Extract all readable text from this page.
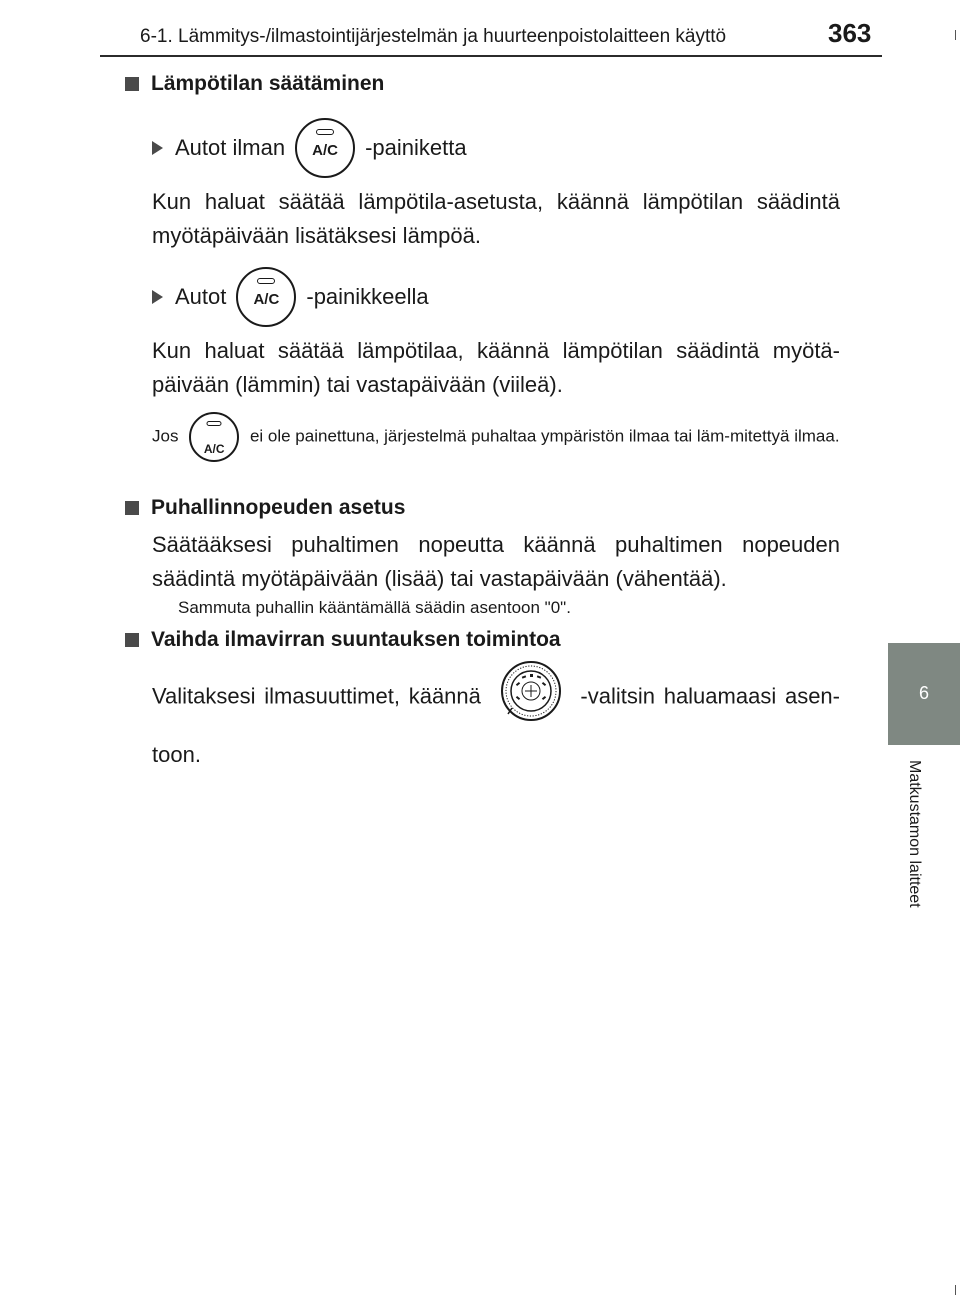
6-1. Lämmitys-/ilmastointijärjestelmän ja huurteenpoistolaitteen käyttö	363
6
Matkustamon laitteet
Lämpötilan säätäminen
Autot ilman	A/C	-painiketta
Kun haluat säätää lämpötila-asetusta, käännä lämpötilan säädintä myötäpäivään lisätäksesi lämpöä.
Autot	A/C	-painikkeella
Kun haluat säätää lämpötilaa, käännä lämpötilan säädintä myötä-päivään (lämmin) tai vastapäivään (viileä).
Jos
A/C
ei ole painettuna, järjestelmä puhaltaa ympäristön ilmaa tai läm-mitettyä ilmaa.
Puhallinnopeuden asetus
Säätääksesi puhaltimen nopeutta käännä puhaltimen nopeuden säädintä myötäpäivään (lisää) tai vastapäivään (vähentää).
Sammuta puhallin kääntämällä säädin asentoon "0".
Vaihda ilmavirran suuntauksen toimintoa
Valitaksesi ilmasuuttimet, käännä	-valitsin haluamaasi asen-toon.
